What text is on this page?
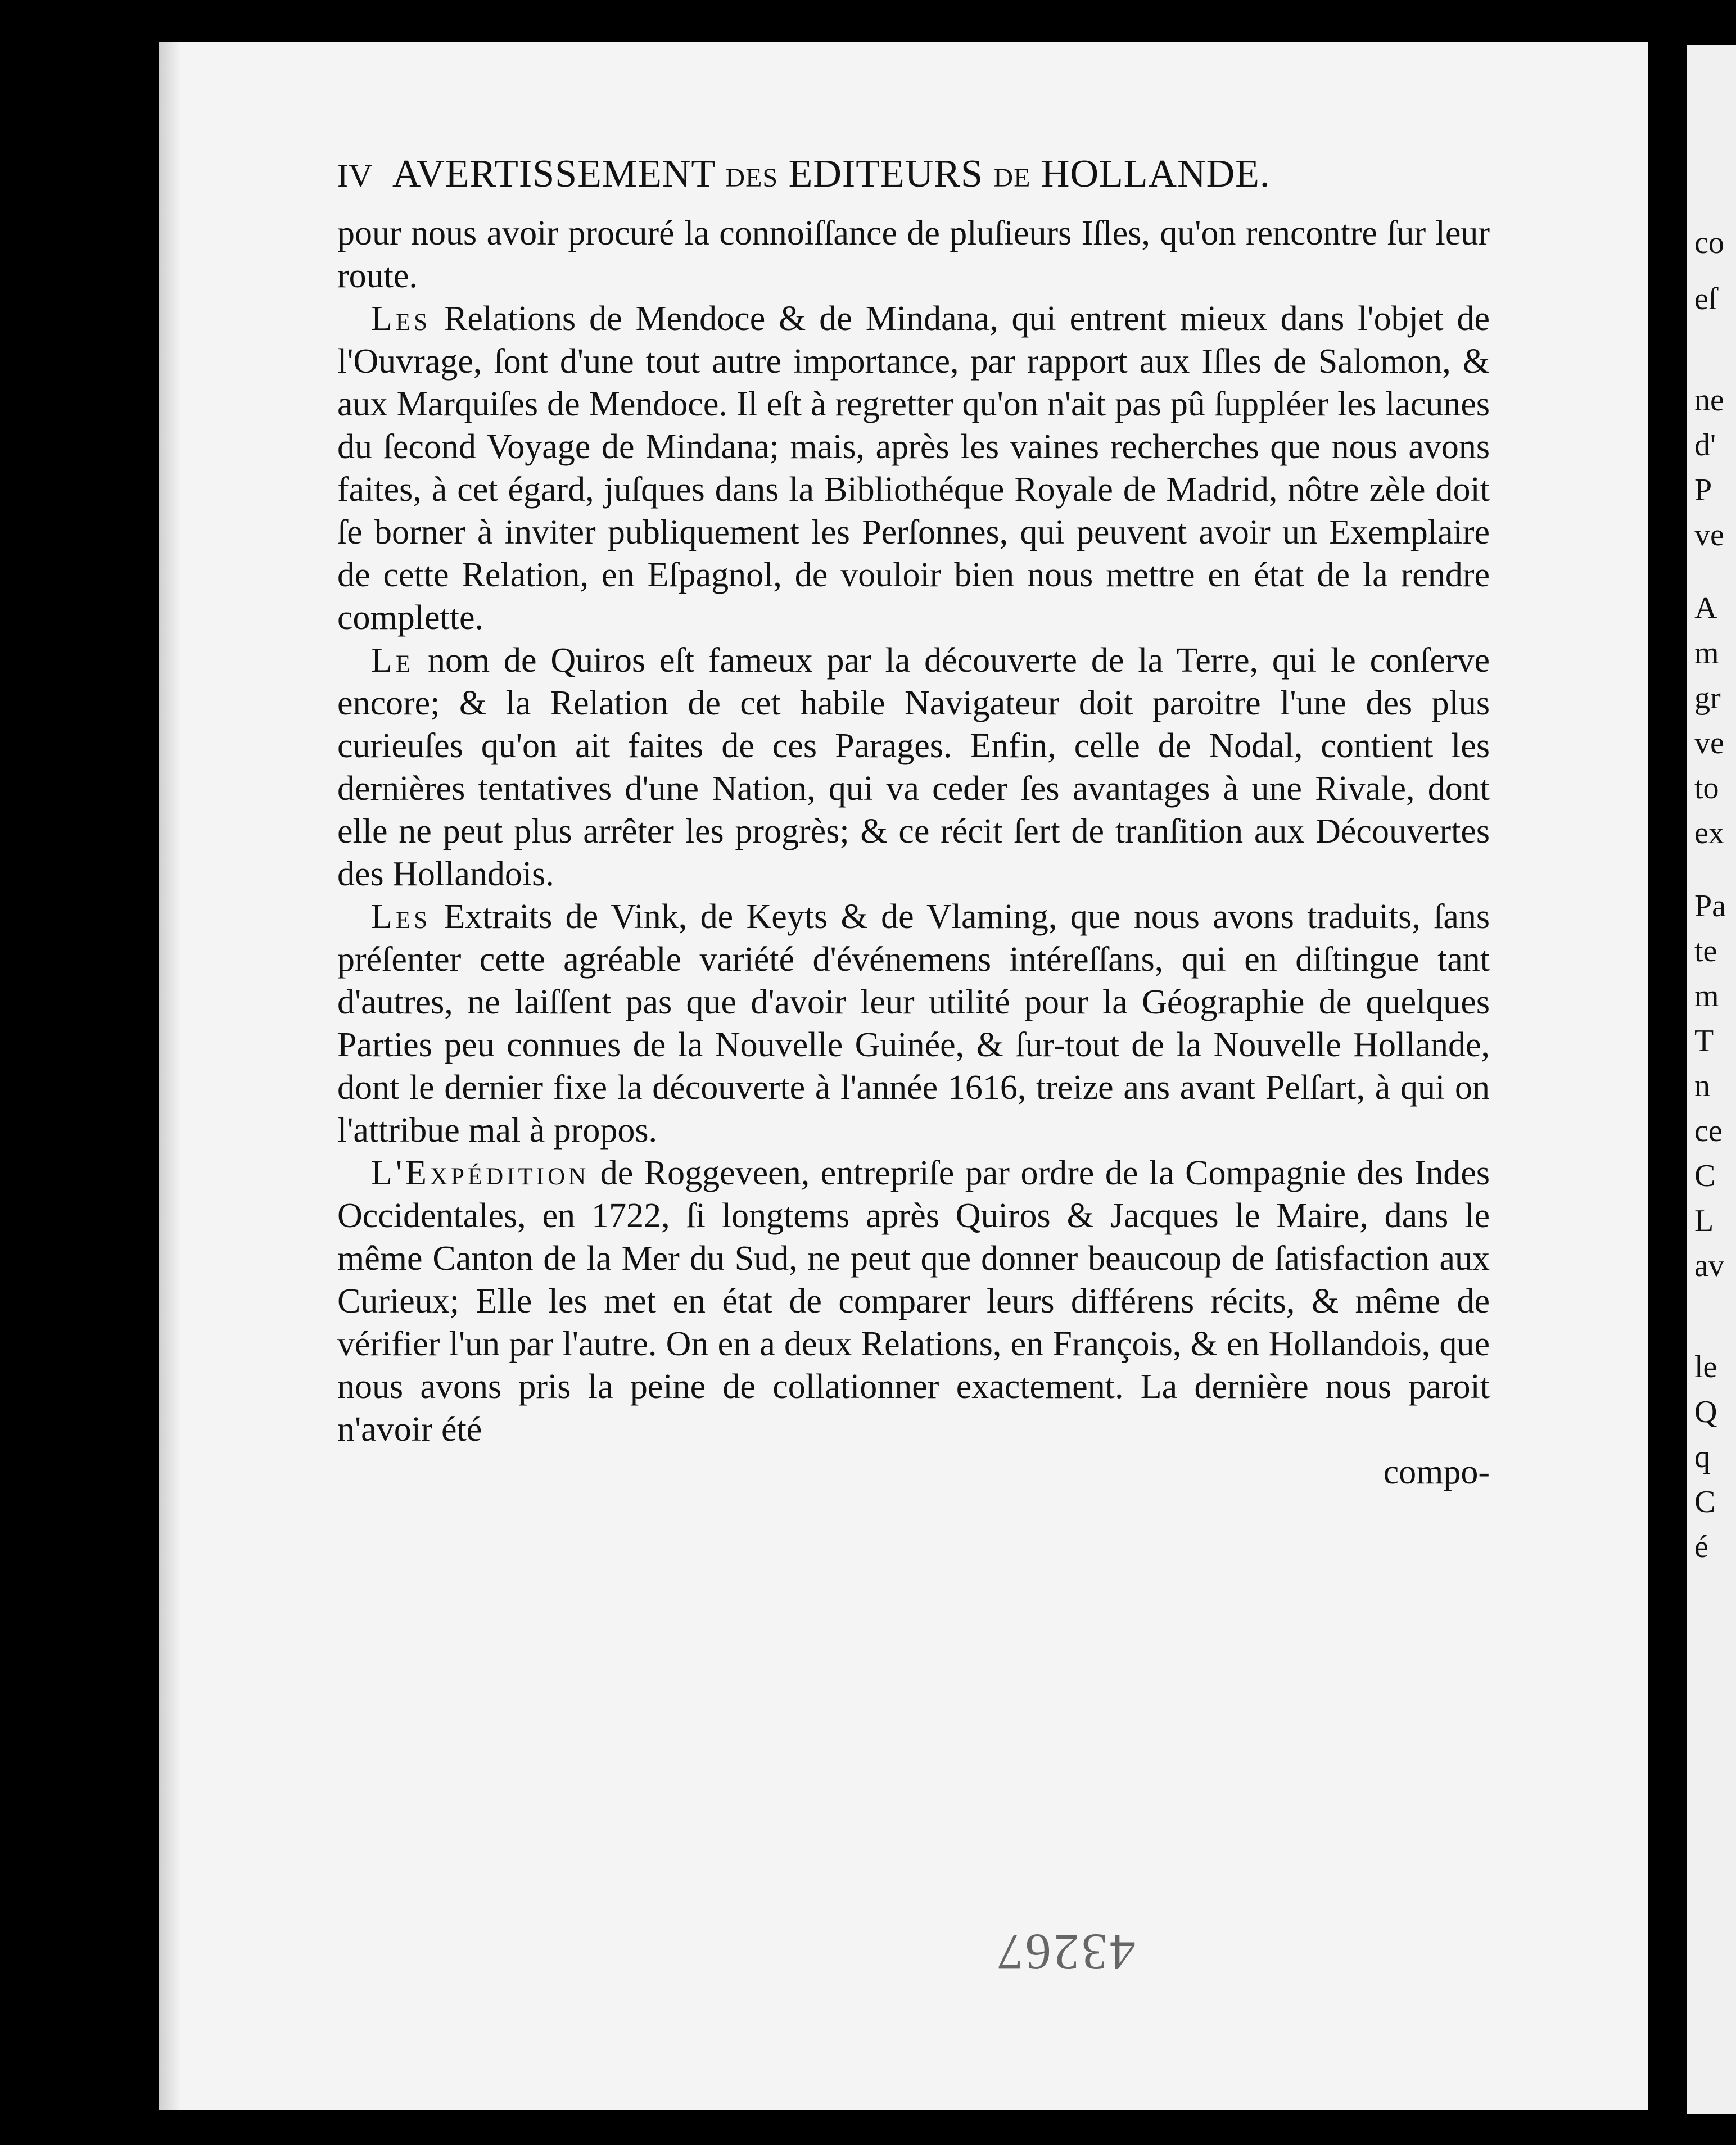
co
eſ
ne
d'
P
ve
A
m
gr
ve
to
ex
Pa
te
m
T
n
ce
C
L
av
le
Q
q
C
é
IV AVERTISSEMENT DES EDITEURS DE HOLLANDE.

pour nous avoir procuré la connoiſſance de pluſieurs Iſles, qu'on rencontre ſur leur route.

Les Relations de Mendoce & de Mindana, qui entrent mieux dans l'objet de l'Ouvrage, ſont d'une tout autre importance, par rapport aux Iſles de Salomon, & aux Marquiſes de Mendoce. Il eſt à regretter qu'on n'ait pas pû ſuppléer les lacunes du ſecond Voyage de Mindana; mais, après les vaines recherches que nous avons faites, à cet égard, juſques dans la Bibliothéque Royale de Madrid, nôtre zèle doit ſe borner à inviter publiquement les Perſonnes, qui peuvent avoir un Exemplaire de cette Relation, en Eſpagnol, de vouloir bien nous mettre en état de la rendre complette.

Le nom de Quiros eſt fameux par la découverte de la Terre, qui le conſerve encore; & la Relation de cet habile Navigateur doit paroitre l'une des plus curieuſes qu'on ait faites de ces Parages. Enfin, celle de Nodal, contient les dernières tentatives d'une Nation, qui va ceder ſes avantages à une Rivale, dont elle ne peut plus arrêter les progrès; & ce récit ſert de tranſition aux Découvertes des Hollandois.

Les Extraits de Vink, de Keyts & de Vlaming, que nous avons traduits, ſans préſenter cette agréable variété d'événemens intéreſſans, qui en diſtingue tant d'autres, ne laiſſent pas que d'avoir leur utilité pour la Géographie de quelques Parties peu connues de la Nouvelle Guinée, & ſur-tout de la Nouvelle Hollande, dont le dernier fixe la découverte à l'année 1616, treize ans avant Pelſart, à qui on l'attribue mal à propos.

L'Expédition de Roggeveen, entrepriſe par ordre de la Compagnie des Indes Occidentales, en 1722, ſi longtems après Quiros & Jacques le Maire, dans le même Canton de la Mer du Sud, ne peut que donner beaucoup de ſatisfaction aux Curieux; Elle les met en état de comparer leurs différens récits, & même de vérifier l'un par l'autre. On en a deux Relations, en François, & en Hollandois, que nous avons pris la peine de collationner exactement. La dernière nous paroit n'avoir été

compo-
43267
